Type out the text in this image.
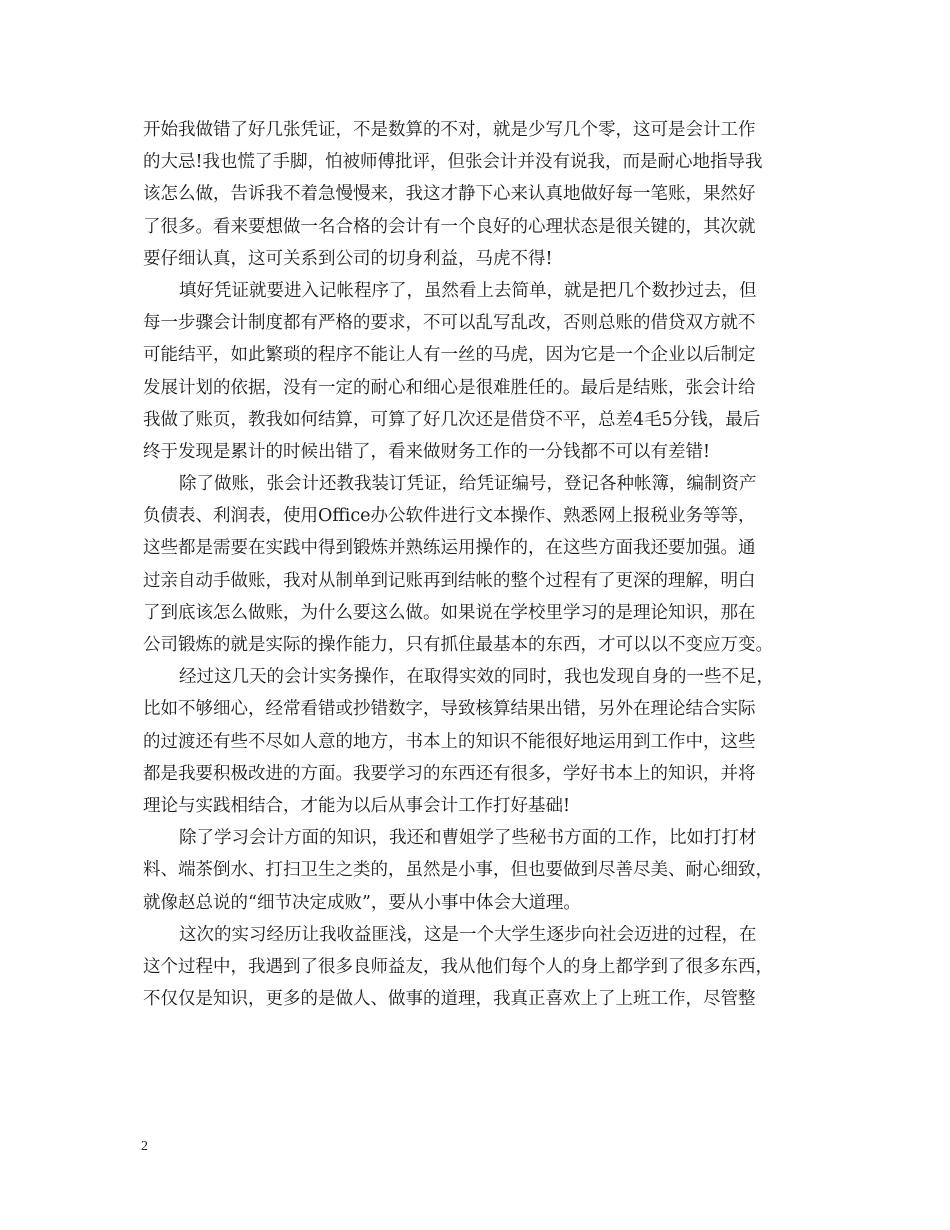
开始我做错了好几张凭证，不是数算的不对，就是少写几个零，这可是会计工作
的大忌!我也慌了手脚，怕被师傅批评，但张会计并没有说我，而是耐心地指导我
该怎么做，告诉我不着急慢慢来，我这才静下心来认真地做好每一笔账，果然好
了很多。看来要想做一名合格的会计有一个良好的心理状态是很关键的，其次就
要仔细认真，这可关系到公司的切身利益，马虎不得!
填好凭证就要进入记帐程序了，虽然看上去简单，就是把几个数抄过去，但
每一步骤会计制度都有严格的要求，不可以乱写乱改，否则总账的借贷双方就不
可能结平，如此繁琐的程序不能让人有一丝的马虎，因为它是一个企业以后制定
发展计划的依据，没有一定的耐心和细心是很难胜任的。最后是结账，张会计给
我做了账页，教我如何结算，可算了好几次还是借贷不平，总差4毛5分钱，最后
终于发现是累计的时候出错了，看来做财务工作的一分钱都不可以有差错!
除了做账，张会计还教我装订凭证，给凭证编号，登记各种帐簿，编制资产
负债表、利润表，使用Office办公软件进行文本操作、熟悉网上报税业务等等，
这些都是需要在实践中得到锻炼并熟练运用操作的，在这些方面我还要加强。通
过亲自动手做账，我对从制单到记账再到结帐的整个过程有了更深的理解，明白
了到底该怎么做账，为什么要这么做。如果说在学校里学习的是理论知识，那在
公司锻炼的就是实际的操作能力，只有抓住最基本的东西，才可以以不变应万变。
经过这几天的会计实务操作，在取得实效的同时，我也发现自身的一些不足，
比如不够细心，经常看错或抄错数字，导致核算结果出错，另外在理论结合实际
的过渡还有些不尽如人意的地方，书本上的知识不能很好地运用到工作中，这些
都是我要积极改进的方面。我要学习的东西还有很多，学好书本上的知识，并将
理论与实践相结合，才能为以后从事会计工作打好基础!
除了学习会计方面的知识，我还和曹姐学了些秘书方面的工作，比如打打材
料、端茶倒水、打扫卫生之类的，虽然是小事，但也要做到尽善尽美、耐心细致，
就像赵总说的“细节决定成败”，要从小事中体会大道理。
这次的实习经历让我收益匪浅，这是一个大学生逐步向社会迈进的过程，在
这个过程中，我遇到了很多良师益友，我从他们每个人的身上都学到了很多东西，
不仅仅是知识，更多的是做人、做事的道理，我真正喜欢上了上班工作，尽管整
2
